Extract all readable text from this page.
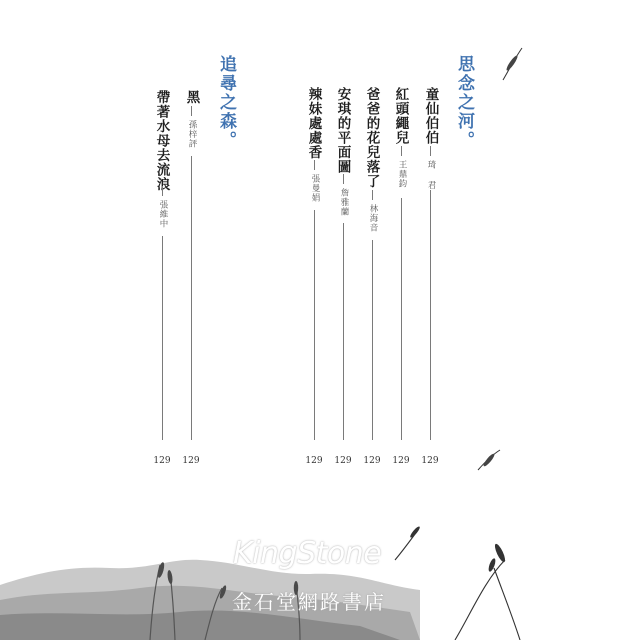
思念之河。
童仙伯伯
琦 君
129
紅頭繩兒
王鼎鈞
129
爸爸的花兒落了
林海音
129
安琪的平面圖
詹雅蘭
129
辣妹處處香
張曼娟
129
追尋之森。
黑
孫梓評
129
帶著水母去流浪
張維中
129
KingStone
金石堂網路書店
